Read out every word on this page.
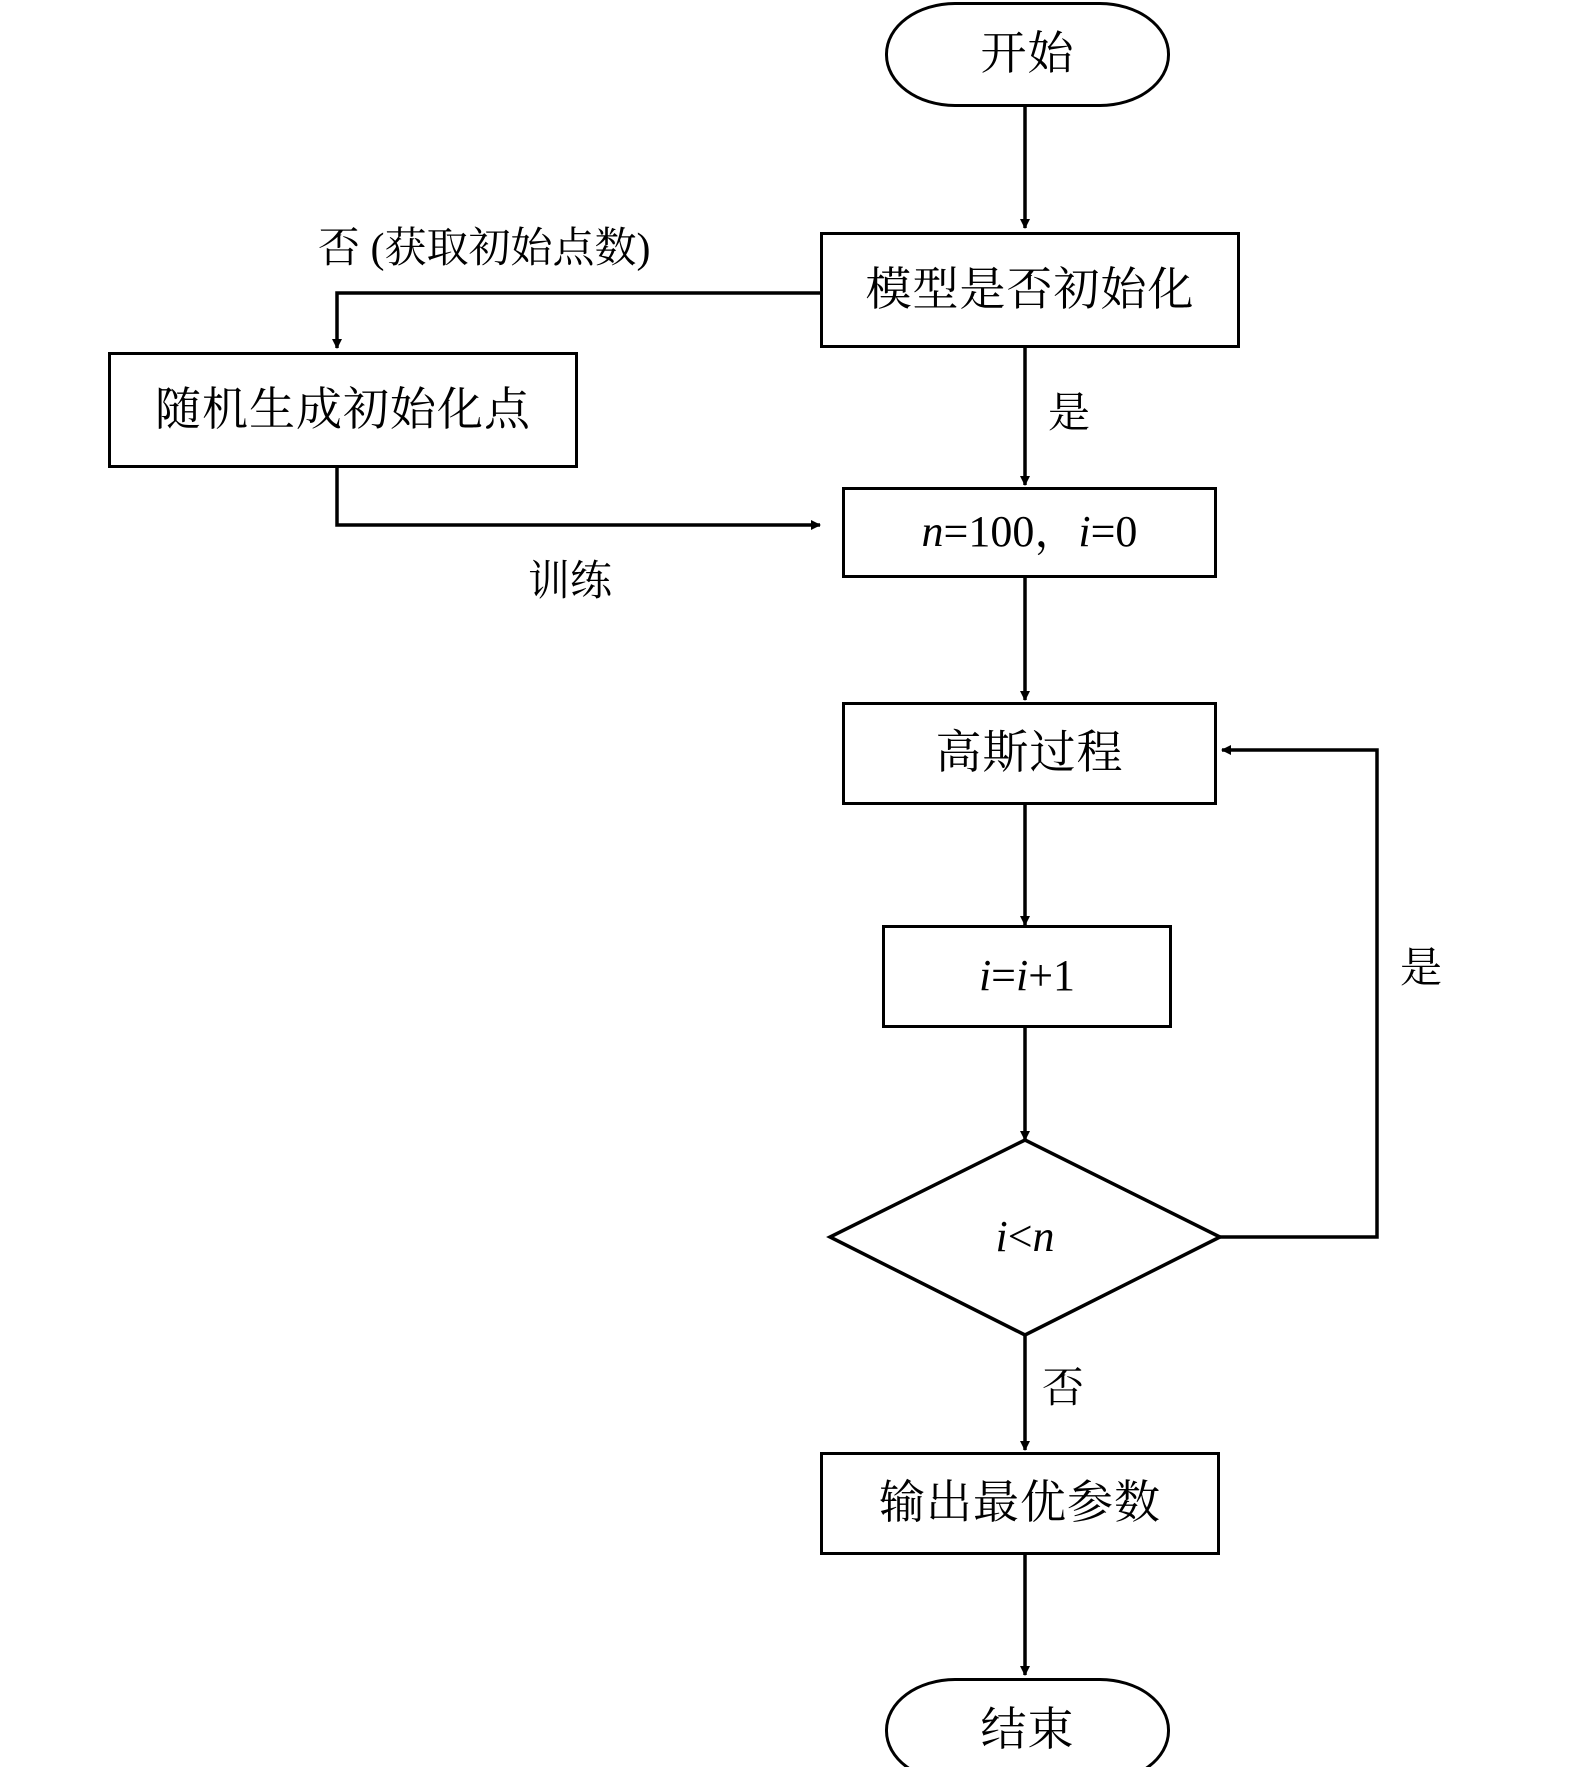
开始
模型是否初始化
随机生成初始化点
n=100，i=0
高斯过程
i=i+1
i<n
输出最优参数
结束
否 (获取初始点数)
是
训练
是
否
